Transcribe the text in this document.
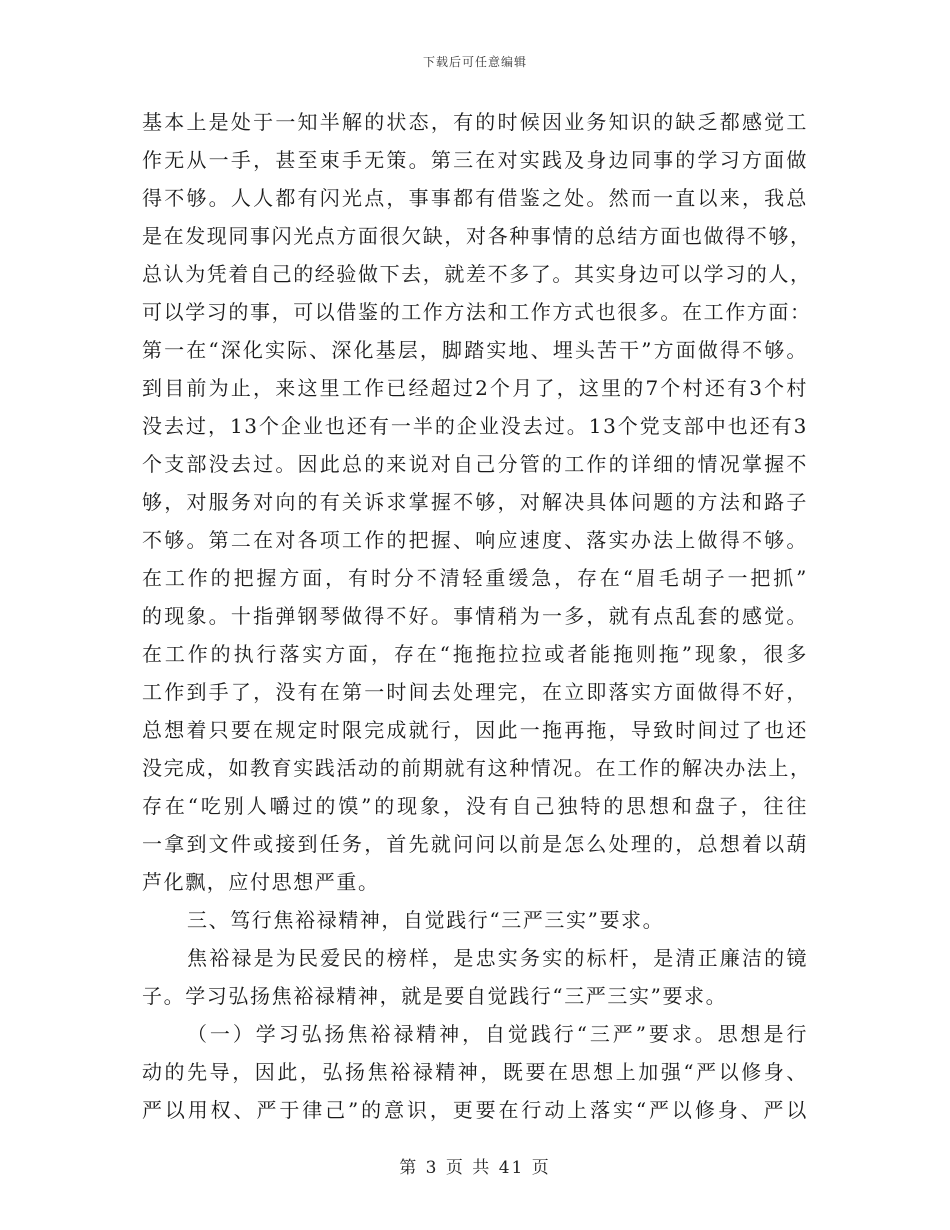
下载后可任意编辑
基本上是处于一知半解的状态，有的时候因业务知识的缺乏都感觉工
作无从一手，甚至束手无策。第三在对实践及身边同事的学习方面做
得不够。人人都有闪光点，事事都有借鉴之处。然而一直以来，我总
是在发现同事闪光点方面很欠缺，对各种事情的总结方面也做得不够，
总认为凭着自己的经验做下去，就差不多了。其实身边可以学习的人，
可以学习的事，可以借鉴的工作方法和工作方式也很多。在工作方面：
第一在“深化实际、深化基层，脚踏实地、埋头苦干”方面做得不够。
到目前为止，来这里工作已经超过2个月了，这里的7个村还有3个村
没去过，13个企业也还有一半的企业没去过。13个党支部中也还有3
个支部没去过。因此总的来说对自己分管的工作的详细的情况掌握不
够，对服务对向的有关诉求掌握不够，对解决具体问题的方法和路子
不够。第二在对各项工作的把握、响应速度、落实办法上做得不够。
在工作的把握方面，有时分不清轻重缓急，存在“眉毛胡子一把抓”
的现象。十指弹钢琴做得不好。事情稍为一多，就有点乱套的感觉。
在工作的执行落实方面，存在“拖拖拉拉或者能拖则拖”现象，很多
工作到手了，没有在第一时间去处理完，在立即落实方面做得不好，
总想着只要在规定时限完成就行，因此一拖再拖，导致时间过了也还
没完成，如教育实践活动的前期就有这种情况。在工作的解决办法上，
存在“吃别人嚼过的馍”的现象，没有自己独特的思想和盘子，往往
一拿到文件或接到任务，首先就问问以前是怎么处理的，总想着以葫
芦化飘，应付思想严重。
三、笃行焦裕禄精神，自觉践行“三严三实”要求。
焦裕禄是为民爱民的榜样，是忠实务实的标杆，是清正廉洁的镜
子。学习弘扬焦裕禄精神，就是要自觉践行“三严三实”要求。
（一）学习弘扬焦裕禄精神，自觉践行“三严”要求。思想是行
动的先导，因此，弘扬焦裕禄精神，既要在思想上加强“严以修身、
严以用权、严于律己”的意识，更要在行动上落实“严以修身、严以
第 3 页 共 41 页
